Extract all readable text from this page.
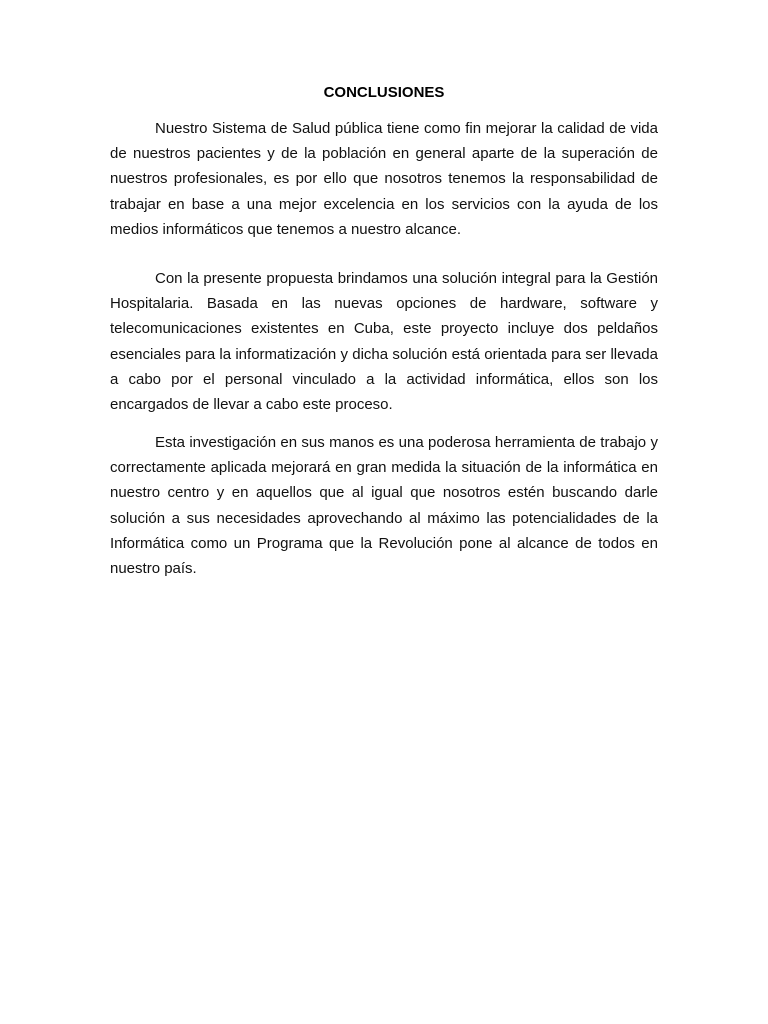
CONCLUSIONES

Nuestro Sistema de Salud pública tiene como fin mejorar la calidad de vida de nuestros pacientes y de la población en general aparte de la superación de nuestros profesionales, es por ello que nosotros tenemos la responsabilidad de trabajar en base a una mejor excelencia en los servicios con la ayuda de los medios informáticos que tenemos a nuestro alcance.

Con la presente propuesta brindamos una solución integral para la Gestión Hospitalaria. Basada en las nuevas opciones de hardware, software y telecomunicaciones existentes en Cuba, este proyecto incluye dos peldaños esenciales para la informatización y dicha solución está orientada para ser llevada a cabo por el personal vinculado a la actividad informática, ellos son los encargados de llevar a cabo este proceso.

Esta investigación en sus manos es una poderosa herramienta de trabajo y correctamente aplicada mejorará en gran medida la situación de la informática en nuestro centro y en aquellos que al igual que nosotros estén buscando darle solución a sus necesidades aprovechando al máximo las potencialidades de la Informática como un Programa que la Revolución pone al alcance de todos en nuestro país.
